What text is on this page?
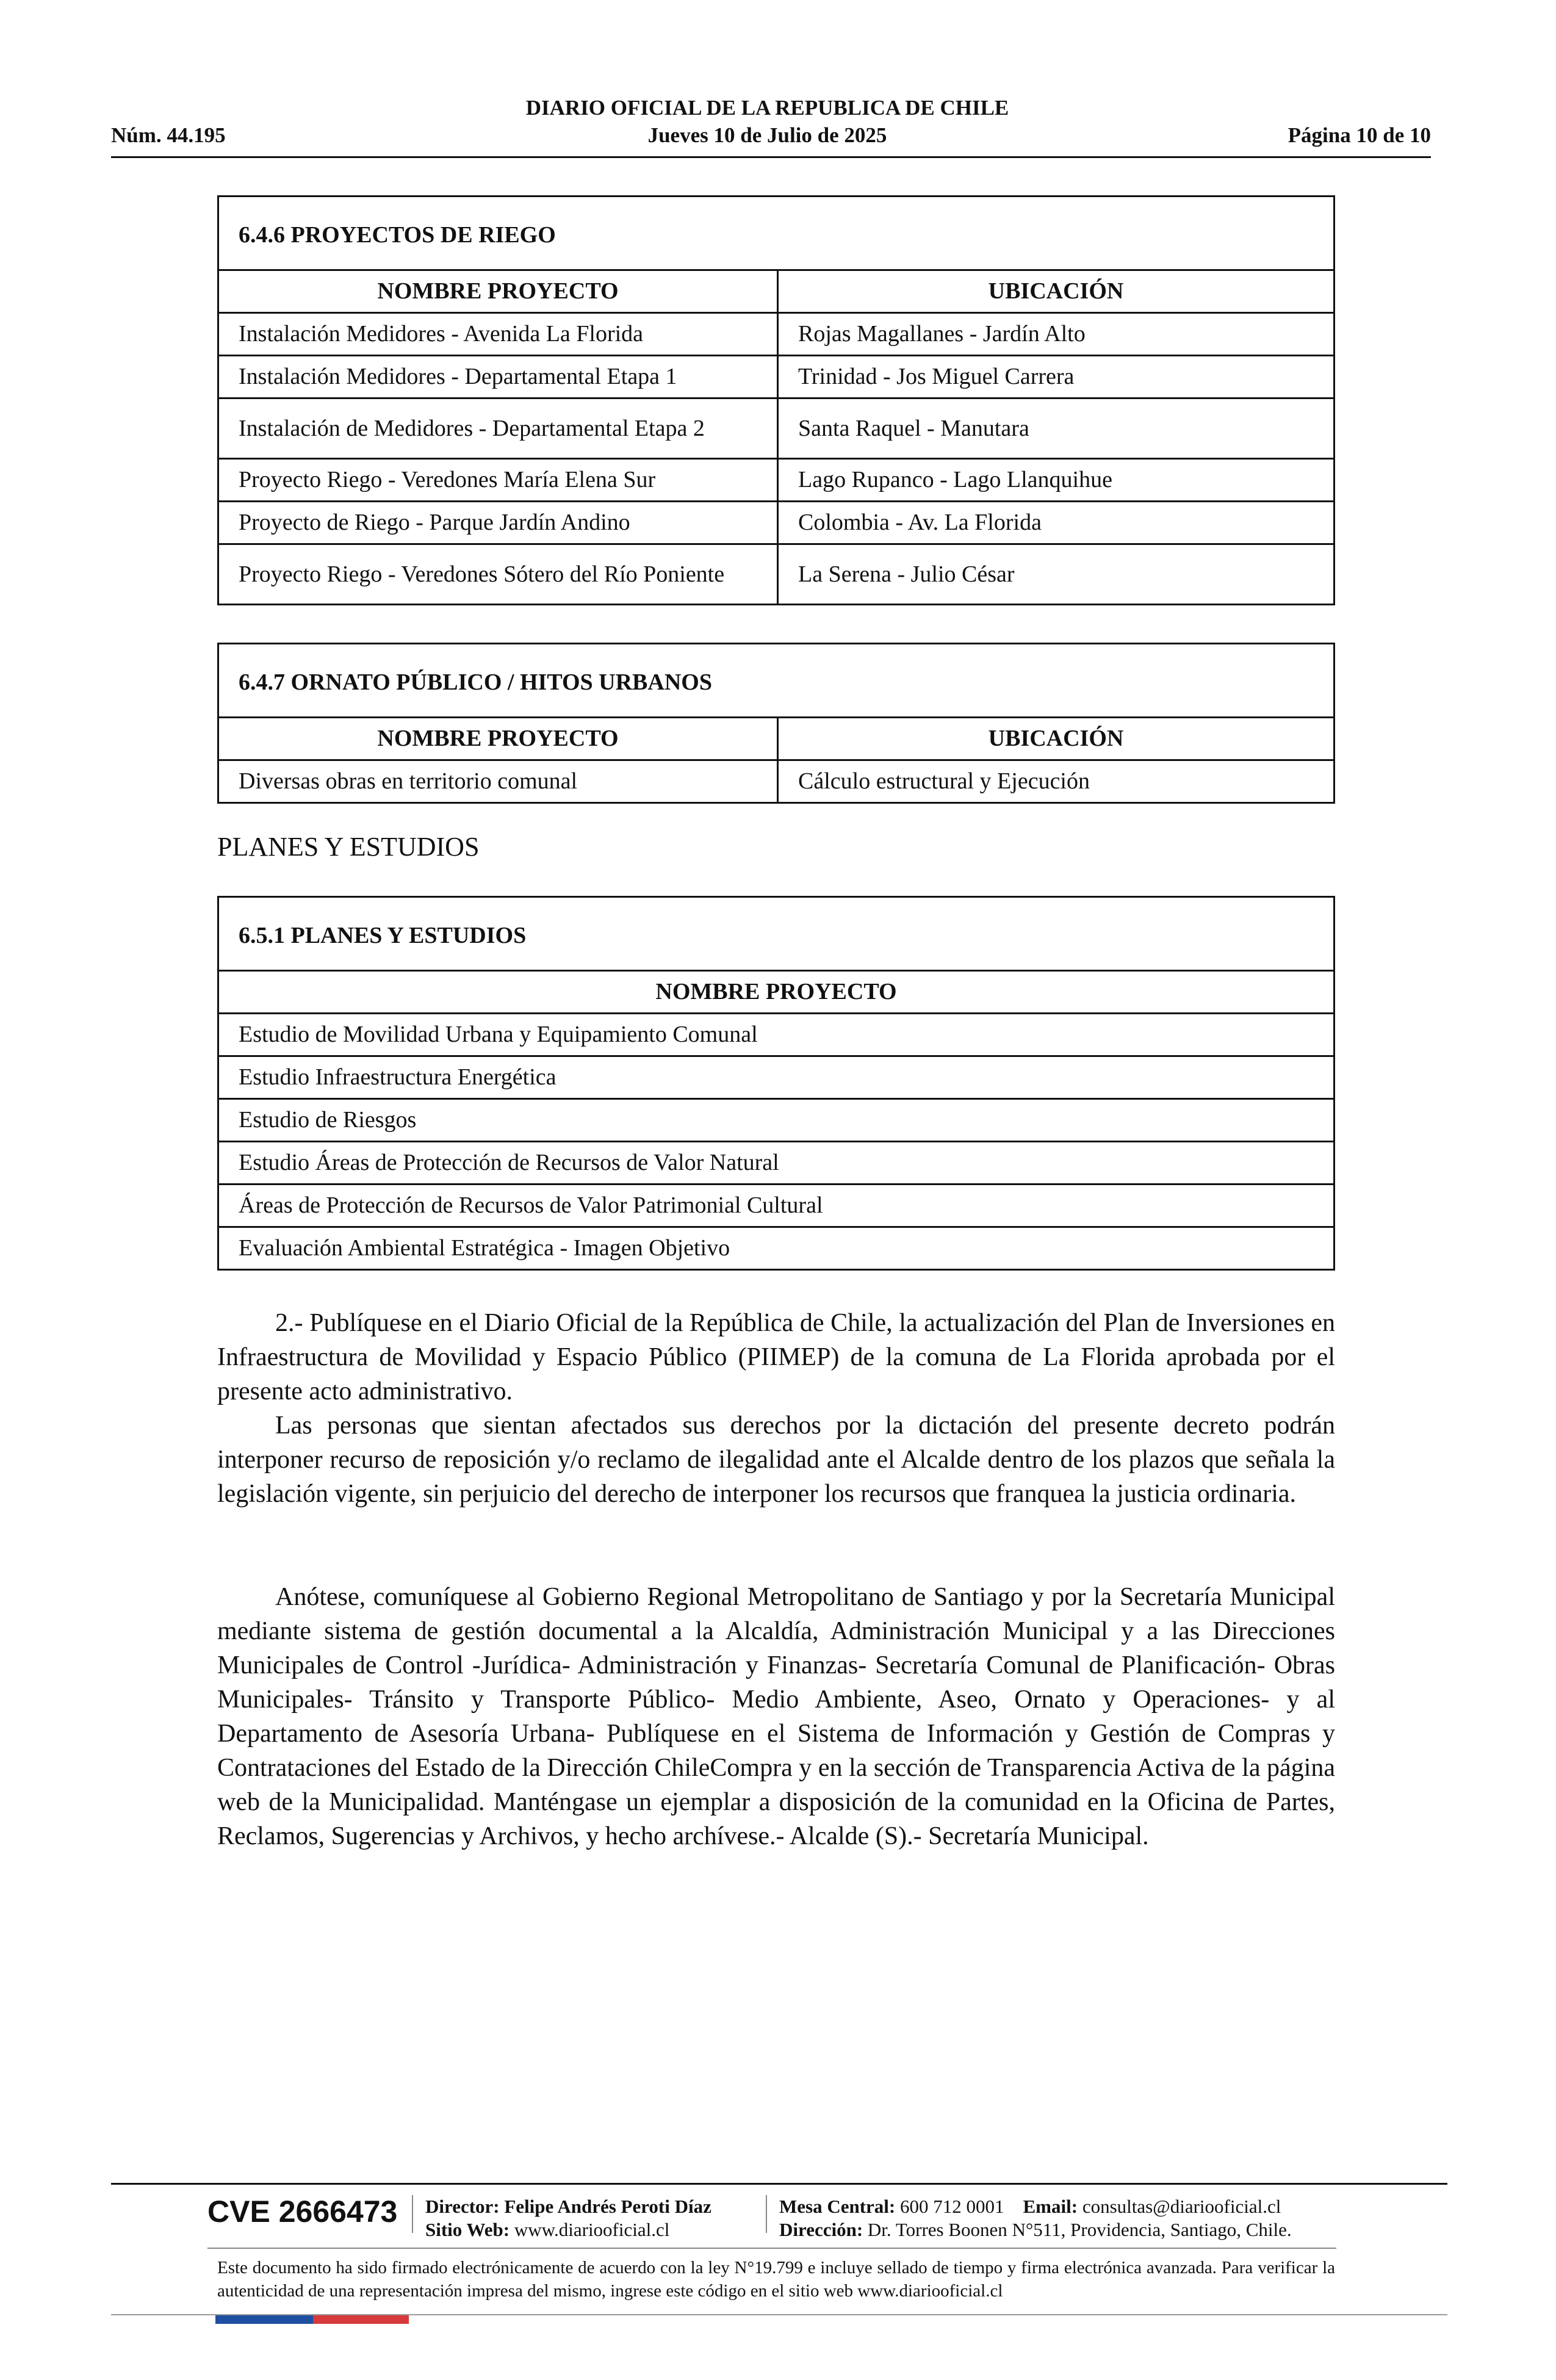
DIARIO OFICIAL DE LA REPUBLICA DE CHILE
Núm. 44.195	Jueves 10 de Julio de 2025	Página 10 de 10
6.4.6 PROYECTOS DE RIEGO	
NOMBRE PROYECTO	UBICACIÓN
Instalación Medidores - Avenida La Florida	Rojas Magallanes - Jardín Alto
Instalación Medidores - Departamental Etapa 1	Trinidad - Jos Miguel Carrera
Instalación de Medidores - Departamental Etapa 2	Santa Raquel - Manutara
Proyecto Riego - Veredones María Elena Sur	Lago Rupanco - Lago Llanquihue
Proyecto de Riego - Parque Jardín Andino	Colombia - Av. La Florida
Proyecto Riego - Veredones Sótero del Río Poniente	La Serena - Julio César
6.4.7 ORNATO PÚBLICO / HITOS URBANOS	
NOMBRE PROYECTO	UBICACIÓN
Diversas obras en territorio comunal	Cálculo estructural y Ejecución
PLANES Y ESTUDIOS
6.5.1 PLANES Y ESTUDIOS
NOMBRE PROYECTO
Estudio de Movilidad Urbana y Equipamiento Comunal
Estudio Infraestructura Energética
Estudio de Riesgos
Estudio Áreas de Protección de Recursos de Valor Natural
Áreas de Protección de Recursos de Valor Patrimonial Cultural
Evaluación Ambiental Estratégica - Imagen Objetivo

2.- Publíquese en el Diario Oficial de la República de Chile, la actualización del Plan de Inversiones en Infraestructura de Movilidad y Espacio Público (PIIMEP) de la comuna de La Florida aprobada por el presente acto administrativo.

Las personas que sientan afectados sus derechos por la dictación del presente decreto podrán interponer recurso de reposición y/o reclamo de ilegalidad ante el Alcalde dentro de los plazos que señala la legislación vigente, sin perjuicio del derecho de interponer los recursos que franquea la justicia ordinaria.

Anótese, comuníquese al Gobierno Regional Metropolitano de Santiago y por la Secretaría Municipal mediante sistema de gestión documental a la Alcaldía, Administración Municipal y a las Direcciones Municipales de Control -Jurídica- Administración y Finanzas- Secretaría Comunal de Planificación- Obras Municipales- Tránsito y Transporte Público- Medio Ambiente, Aseo, Ornato y Operaciones- y al Departamento de Asesoría Urbana- Publíquese en el Sistema de Información y Gestión de Compras y Contrataciones del Estado de la Dirección ChileCompra y en la sección de Transparencia Activa de la página web de la Municipalidad. Manténgase un ejemplar a disposición de la comunidad en la Oficina de Partes, Reclamos, Sugerencias y Archivos, y hecho archívese.- Alcalde (S).- Secretaría Municipal.

CVE 2666473 Director: Felipe Andrés Peroti Díaz
Sitio Web: www.diariooficial.cl
Mesa Central: 600 712 0001 Email: consultas@diariooficial.cl
Dirección: Dr. Torres Boonen N°511, Providencia, Santiago, Chile.
Este documento ha sido firmado electrónicamente de acuerdo con la ley N°19.799 e incluye sellado de tiempo y firma electrónica avanzada. Para verificar la autenticidad de una representación impresa del mismo, ingrese este código en el sitio web www.diariooficial.cl
